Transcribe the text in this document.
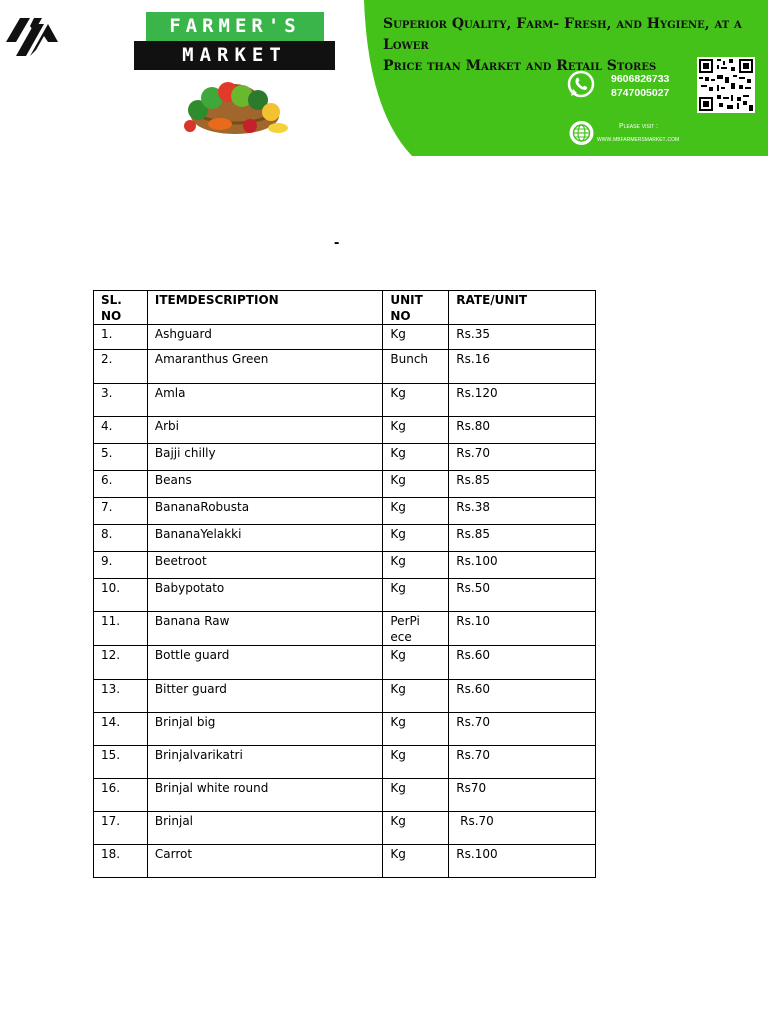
FARMER'S
MARKET
Superior Quality, Farm- Fresh, and Hygiene, at a Lower
Price than Market and Retail Stores
9606826733
8747005027
Please visit :
www.mbfarmersmarket.com
-
SL. NO	ITEMDESCRIPTION	UNIT NO	RATE/UNIT
1.	Ashguard	Kg	Rs.35
2.	Amaranthus Green	Bunch	Rs.16
3.	Amla	Kg	Rs.120
4.	Arbi	Kg	Rs.80
5.	Bajji chilly	Kg	Rs.70
6.	Beans	Kg	Rs.85
7.	BananaRobusta	Kg	Rs.38
8.	BananaYelakki	Kg	Rs.85
9.	Beetroot	Kg	Rs.100
10.	Babypotato	Kg	Rs.50
11.	Banana Raw	PerPi ece	Rs.10
12.	Bottle guard	Kg	Rs.60
13.	Bitter guard	Kg	Rs.60
14.	Brinjal big	Kg	Rs.70
15.	Brinjalvarikatri	Kg	Rs.70
16.	Brinjal white round	Kg	Rs70
17.	Brinjal	Kg	Rs.70
18.	Carrot	Kg	Rs.100
